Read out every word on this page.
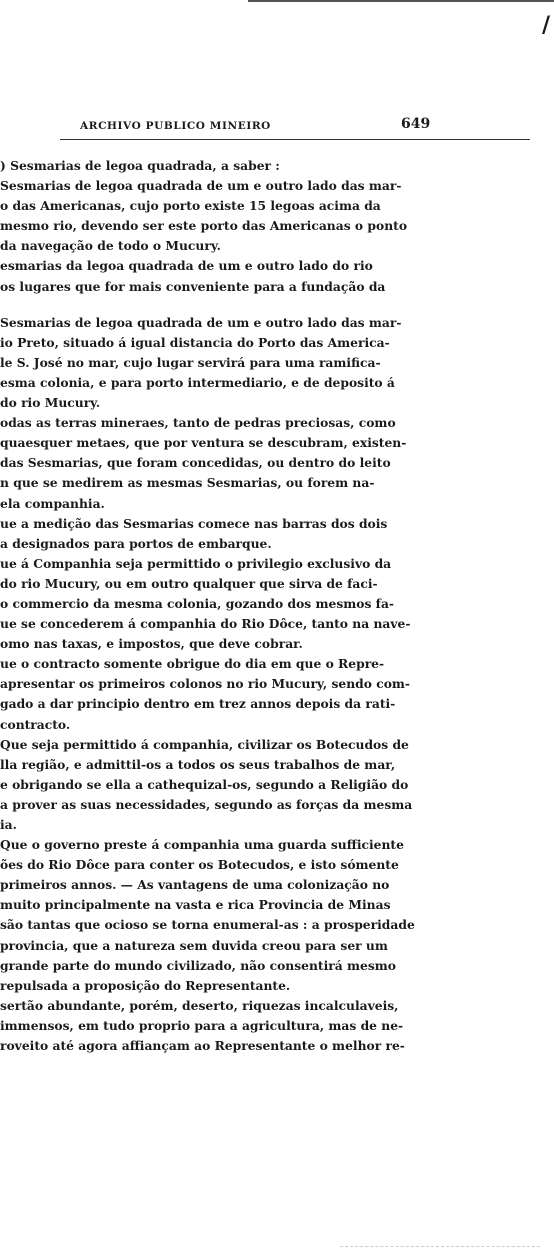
/
ARCHIVO PUBLICO MINEIRO	649
) Sesmarias de legoa quadrada, a saber :
Sesmarias de legoa quadrada de um e outro lado das mar-
o das Americanas, cujo porto existe 15 legoas acima da
mesmo rio, devendo ser este porto das Americanas o ponto
da navegação de todo o Mucury.
esmarias da legoa quadrada de um e outro lado do rio
os lugares que for mais conveniente para a fundação da
Sesmarias de legoa quadrada de um e outro lado das mar-
io Preto, situado á igual distancia do Porto das America-
le S. José no mar, cujo lugar servirá para uma ramifica-
esma colonia, e para porto intermediario, e de deposito á
do rio Mucury.
odas as terras mineraes, tanto de pedras preciosas, como
quaesquer metaes, que por ventura se descubram, existen-
das Sesmarias, que foram concedidas, ou dentro do leito
n que se medirem as mesmas Sesmarias, ou forem na-
ela companhia.
ue a medição das Sesmarias comece nas barras dos dois
a designados para portos de embarque.
ue á Companhia seja permittido o privilegio exclusivo da
do rio Mucury, ou em outro qualquer que sirva de faci-
o commercio da mesma colonia, gozando dos mesmos fa-
ue se concederem á companhia do Rio Dôce, tanto na nave-
omo nas taxas, e impostos, que deve cobrar.
ue o contracto somente obrigue do dia em que o Repre-
apresentar os primeiros colonos no rio Mucury, sendo com-
gado a dar principio dentro em trez annos depois da rati-
contracto.
Que seja permittido á companhia, civilizar os Botecudos de
lla região, e admittil-os a todos os seus trabalhos de mar,
e obrigando se ella a cathequizal-os, segundo a Religião do
a prover as suas necessidades, segundo as forças da mesma
ia.
Que o governo preste á companhia uma guarda sufficiente
ões do Rio Dôce para conter os Botecudos, e isto sómente
primeiros annos. — As vantagens de uma colonização no
muito principalmente na vasta e rica Provincia de Minas
são tantas que ocioso se torna enumeral-as : a prosperidade
provincia, que a natureza sem duvida creou para ser um
grande parte do mundo civilizado, não consentirá mesmo
repulsada a proposição do Representante.
sertão abundante, porém, deserto, riquezas incalculaveis,
immensos, em tudo proprio para a agricultura, mas de ne-
roveito até agora affiançam ao Representante o melhor re-
